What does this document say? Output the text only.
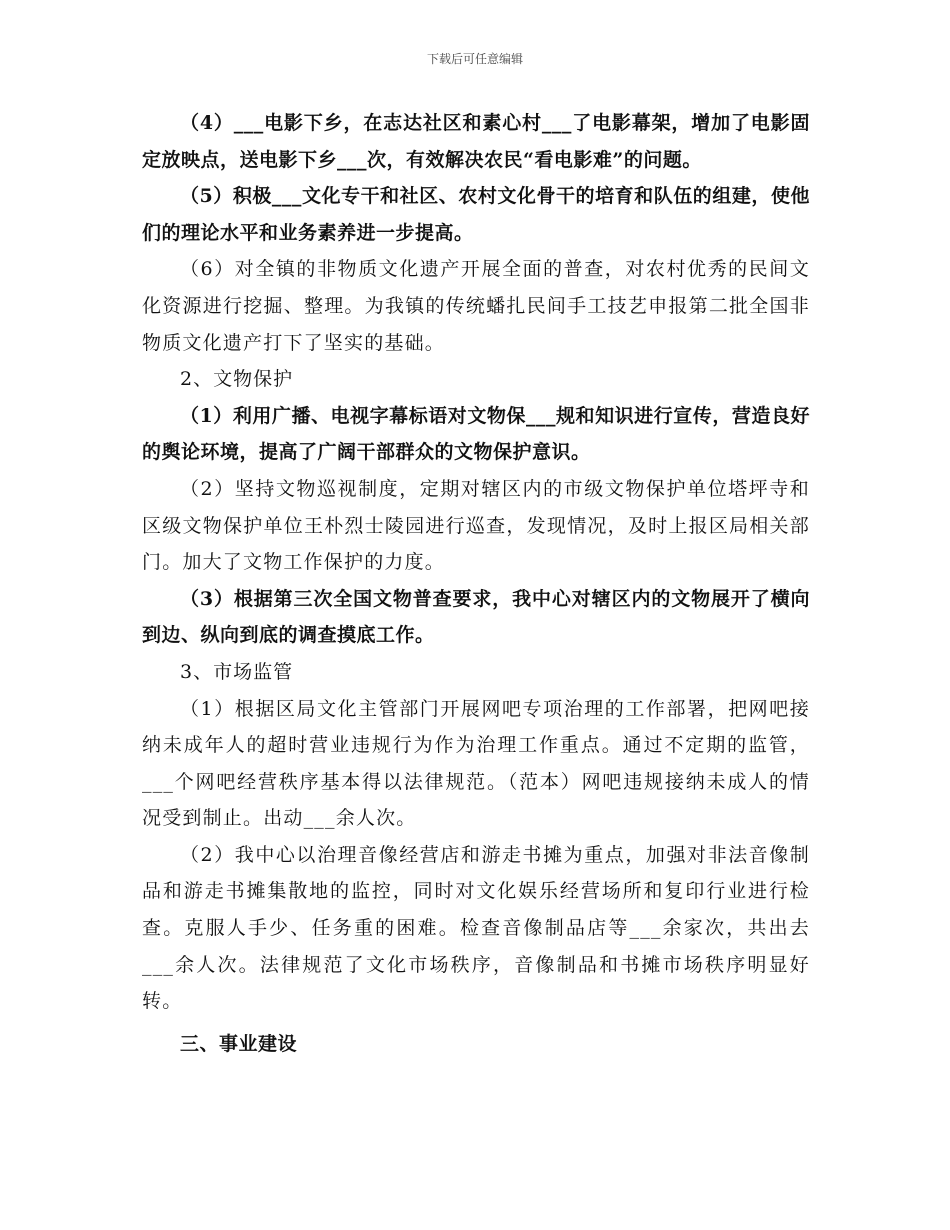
下载后可任意编辑

（4）___电影下乡，在志达社区和素心村___了电影幕架，增加了电影固定放映点，送电影下乡___次，有效解决农民“看电影难”的问题。

（5）积极___文化专干和社区、农村文化骨干的培育和队伍的组建，使他们的理论水平和业务素养进一步提高。

（6）对全镇的非物质文化遗产开展全面的普查，对农村优秀的民间文化资源进行挖掘、整理。为我镇的传统蟠扎民间手工技艺申报第二批全国非物质文化遗产打下了坚实的基础。

2、文物保护

（1）利用广播、电视字幕标语对文物保___规和知识进行宣传，营造良好的舆论环境，提高了广阔干部群众的文物保护意识。

（2）坚持文物巡视制度，定期对辖区内的市级文物保护单位塔坪寺和区级文物保护单位王朴烈士陵园进行巡查，发现情况，及时上报区局相关部门。加大了文物工作保护的力度。

（3）根据第三次全国文物普查要求，我中心对辖区内的文物展开了横向到边、纵向到底的调查摸底工作。

3、市场监管

（1）根据区局文化主管部门开展网吧专项治理的工作部署，把网吧接纳未成年人的超时营业违规行为作为治理工作重点。通过不定期的监管，___个网吧经营秩序基本得以法律规范。（范本）网吧违规接纳未成人的情况受到制止。出动___余人次。

（2）我中心以治理音像经营店和游走书摊为重点，加强对非法音像制品和游走书摊集散地的监控，同时对文化娱乐经营场所和复印行业进行检查。克服人手少、任务重的困难。检查音像制品店等___余家次，共出去___余人次。法律规范了文化市场秩序，音像制品和书摊市场秩序明显好转。

三、事业建设
